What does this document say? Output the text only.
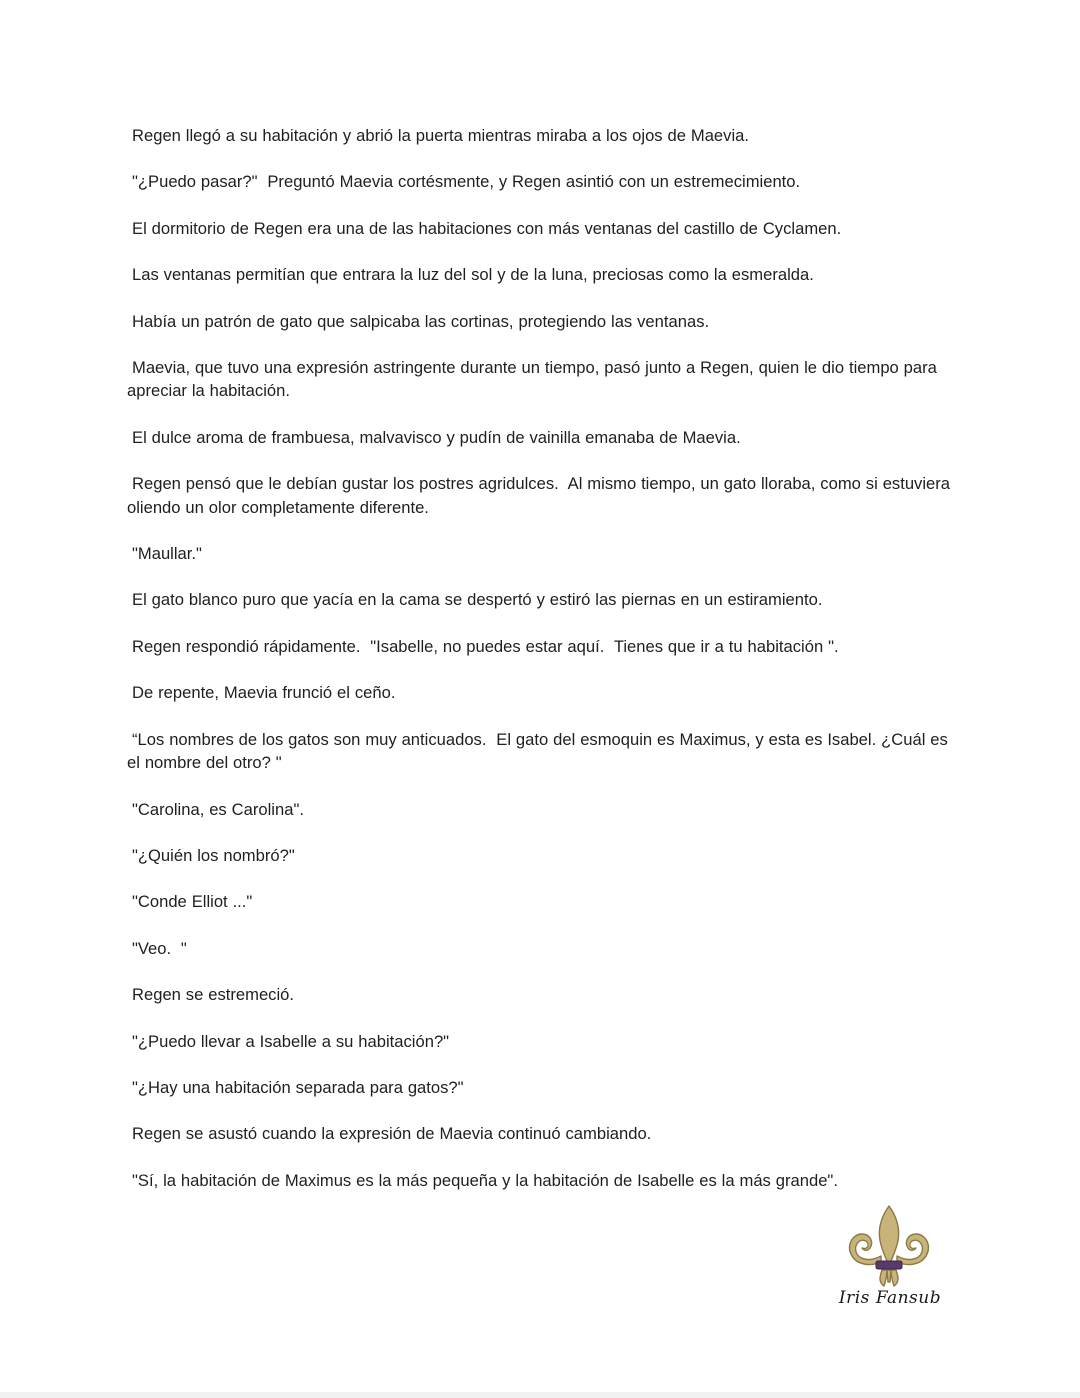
Regen llegó a su habitación y abrió la puerta mientras miraba a los ojos de Maevia.

"¿Puedo pasar?"  Preguntó Maevia cortésmente, y Regen asintió con un estremecimiento.

El dormitorio de Regen era una de las habitaciones con más ventanas del castillo de Cyclamen.

Las ventanas permitían que entrara la luz del sol y de la luna, preciosas como la esmeralda.

Había un patrón de gato que salpicaba las cortinas, protegiendo las ventanas.

Maevia, que tuvo una expresión astringente durante un tiempo, pasó junto a Regen, quien le dio tiempo para apreciar la habitación.

El dulce aroma de frambuesa, malvavisco y pudín de vainilla emanaba de Maevia.

Regen pensó que le debían gustar los postres agridulces.  Al mismo tiempo, un gato lloraba, como si estuviera oliendo un olor completamente diferente.

"Maullar."

El gato blanco puro que yacía en la cama se despertó y estiró las piernas en un estiramiento.

Regen respondió rápidamente.  "Isabelle, no puedes estar aquí.  Tienes que ir a tu habitación ".

De repente, Maevia frunció el ceño.

“Los nombres de los gatos son muy anticuados.  El gato del esmoquin es Maximus, y esta es Isabel. ¿Cuál es el nombre del otro? "

"Carolina, es Carolina".

"¿Quién los nombró?"

"Conde Elliot ..."

"Veo.  "

Regen se estremeció.

"¿Puedo llevar a Isabelle a su habitación?"

"¿Hay una habitación separada para gatos?"

Regen se asustó cuando la expresión de Maevia continuó cambiando.

"Sí, la habitación de Maximus es la más pequeña y la habitación de Isabelle es la más grande".

Iris Fansub
